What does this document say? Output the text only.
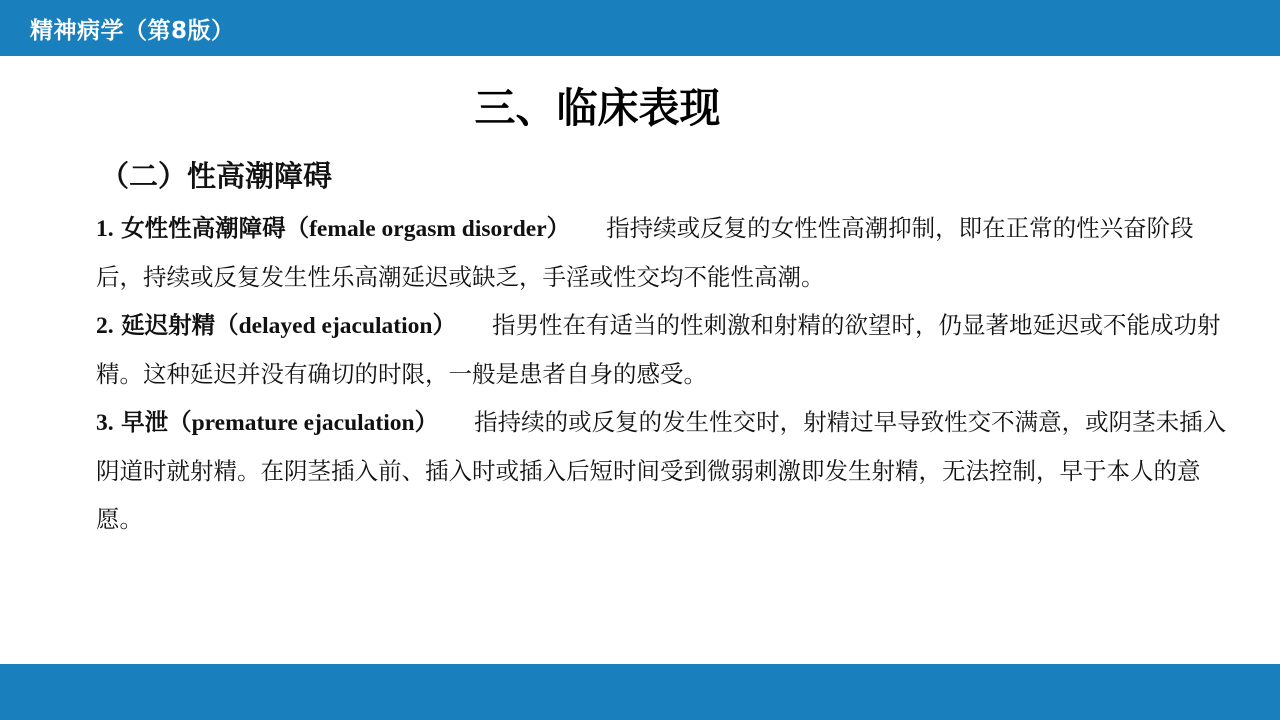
精神病学（第8版）
三、临床表现
（二）性高潮障碍

1. 女性性高潮障碍（female orgasm disorder） 指持续或反复的女性性高潮抑制，即在正常的性兴奋阶段后，持续或反复发生性乐高潮延迟或缺乏，手淫或性交均不能性高潮。

2. 延迟射精（delayed ejaculation） 指男性在有适当的性刺激和射精的欲望时，仍显著地延迟或不能成功射精。这种延迟并没有确切的时限，一般是患者自身的感受。

3. 早泄（premature ejaculation） 指持续的或反复的发生性交时，射精过早导致性交不满意，或阴茎未插入阴道时就射精。在阴茎插入前、插入时或插入后短时间受到微弱刺激即发生射精，无法控制，早于本人的意愿。
